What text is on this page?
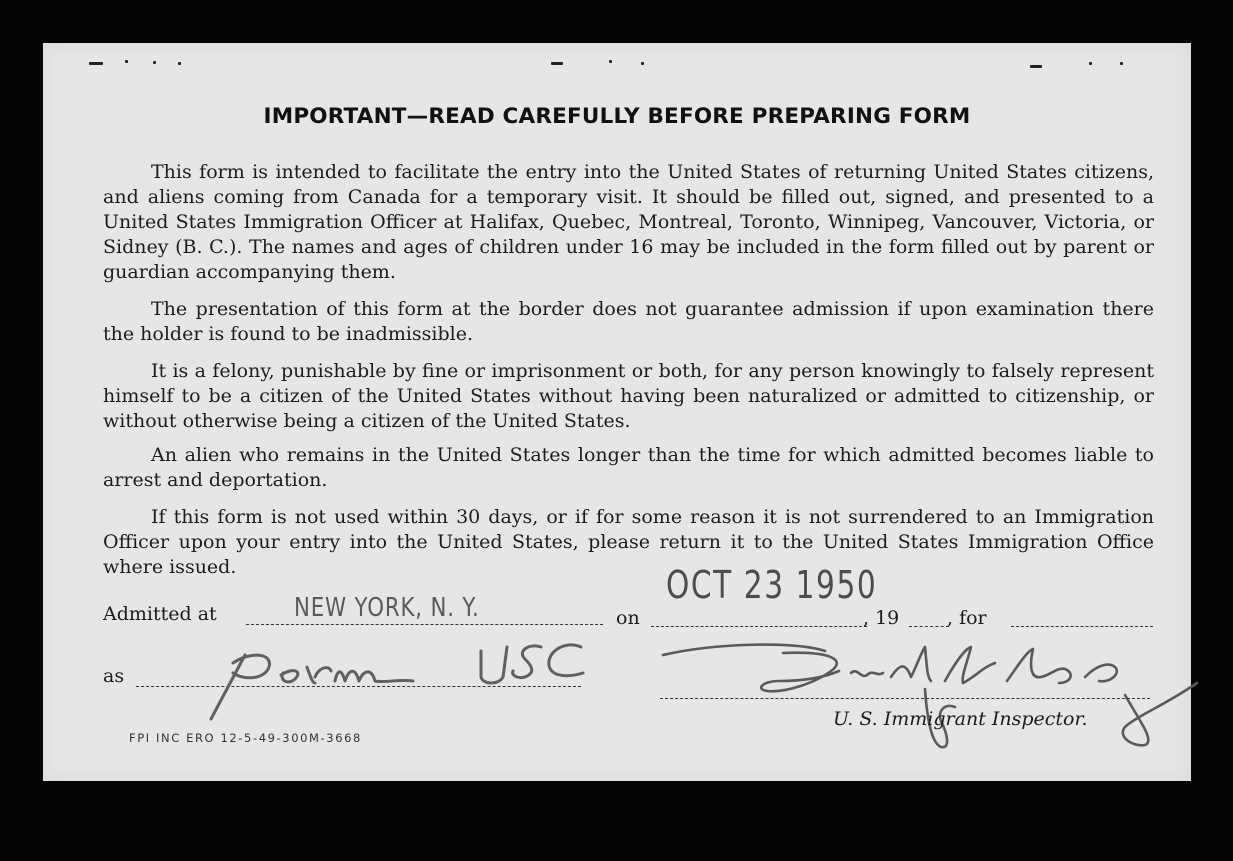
IMPORTANT—READ CAREFULLY BEFORE PREPARING FORM

This form is intended to facilitate the entry into the United States of returning United States citizens, and aliens coming from Canada for a temporary visit. It should be filled out, signed, and presented to a United States Immigration Officer at Halifax, Quebec, Montreal, Toronto, Winnipeg, Vancouver, Victoria, or Sidney (B. C.). The names and ages of children under 16 may be included in the form filled out by parent or guardian accompanying them.

The presentation of this form at the border does not guarantee admission if upon examination there the holder is found to be inadmissible.

It is a felony, punishable by fine or imprisonment or both, for any person knowingly to falsely represent himself to be a citizen of the United States without having been naturalized or admitted to citizenship, or without otherwise being a citizen of the United States.

An alien who remains in the United States longer than the time for which admitted becomes liable to arrest and deportation.

If this form is not used within 30 days, or if for some reason it is not surrendered to an Immigration Officer upon your entry into the United States, please return it to the United States Immigration Office where issued.

Admitted at	NEW YORK, N. Y.	on
OCT 23 1950
, 19	, for
as
U. S. Immigrant Inspector.
FPI INC ERO 12-5-49-300M-3668
